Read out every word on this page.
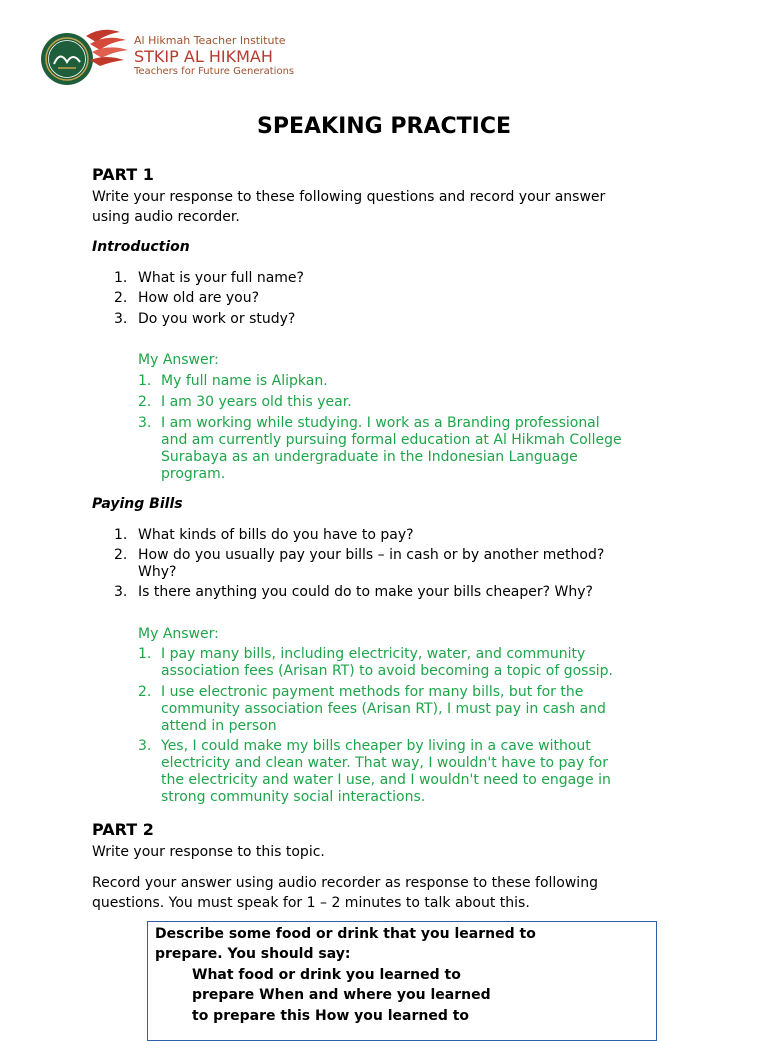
Al Hikmah Teacher Institute
STKIP AL HIKMAH
Teachers for Future Generations
SPEAKING PRACTICE
PART 1
Write your response to these following questions and record your answer
using audio recorder.
Introduction
1. What is your full name?
2. How old are you?
3. Do you work or study?
My Answer:
1. My full name is Alipkan.
2. I am 30 years old this year.
3. I am working while studying. I work as a Branding professional
and am currently pursuing formal education at Al Hikmah College
Surabaya as an undergraduate in the Indonesian Language
program.
Paying Bills
1. What kinds of bills do you have to pay?
2. How do you usually pay your bills – in cash or by another method?
Why?
3. Is there anything you could do to make your bills cheaper? Why?
My Answer:
1. I pay many bills, including electricity, water, and community
association fees (Arisan RT) to avoid becoming a topic of gossip.
2. I use electronic payment methods for many bills, but for the
community association fees (Arisan RT), I must pay in cash and
attend in person
3. Yes, I could make my bills cheaper by living in a cave without
electricity and clean water. That way, I wouldn't have to pay for
the electricity and water I use, and I wouldn't need to engage in
strong community social interactions.
PART 2
Write your response to this topic.
Record your answer using audio recorder as response to these following
questions. You must speak for 1 – 2 minutes to talk about this.
Describe some food or drink that you learned to
prepare. You should say:
What food or drink you learned to
prepare When and where you learned
to prepare this How you learned to
